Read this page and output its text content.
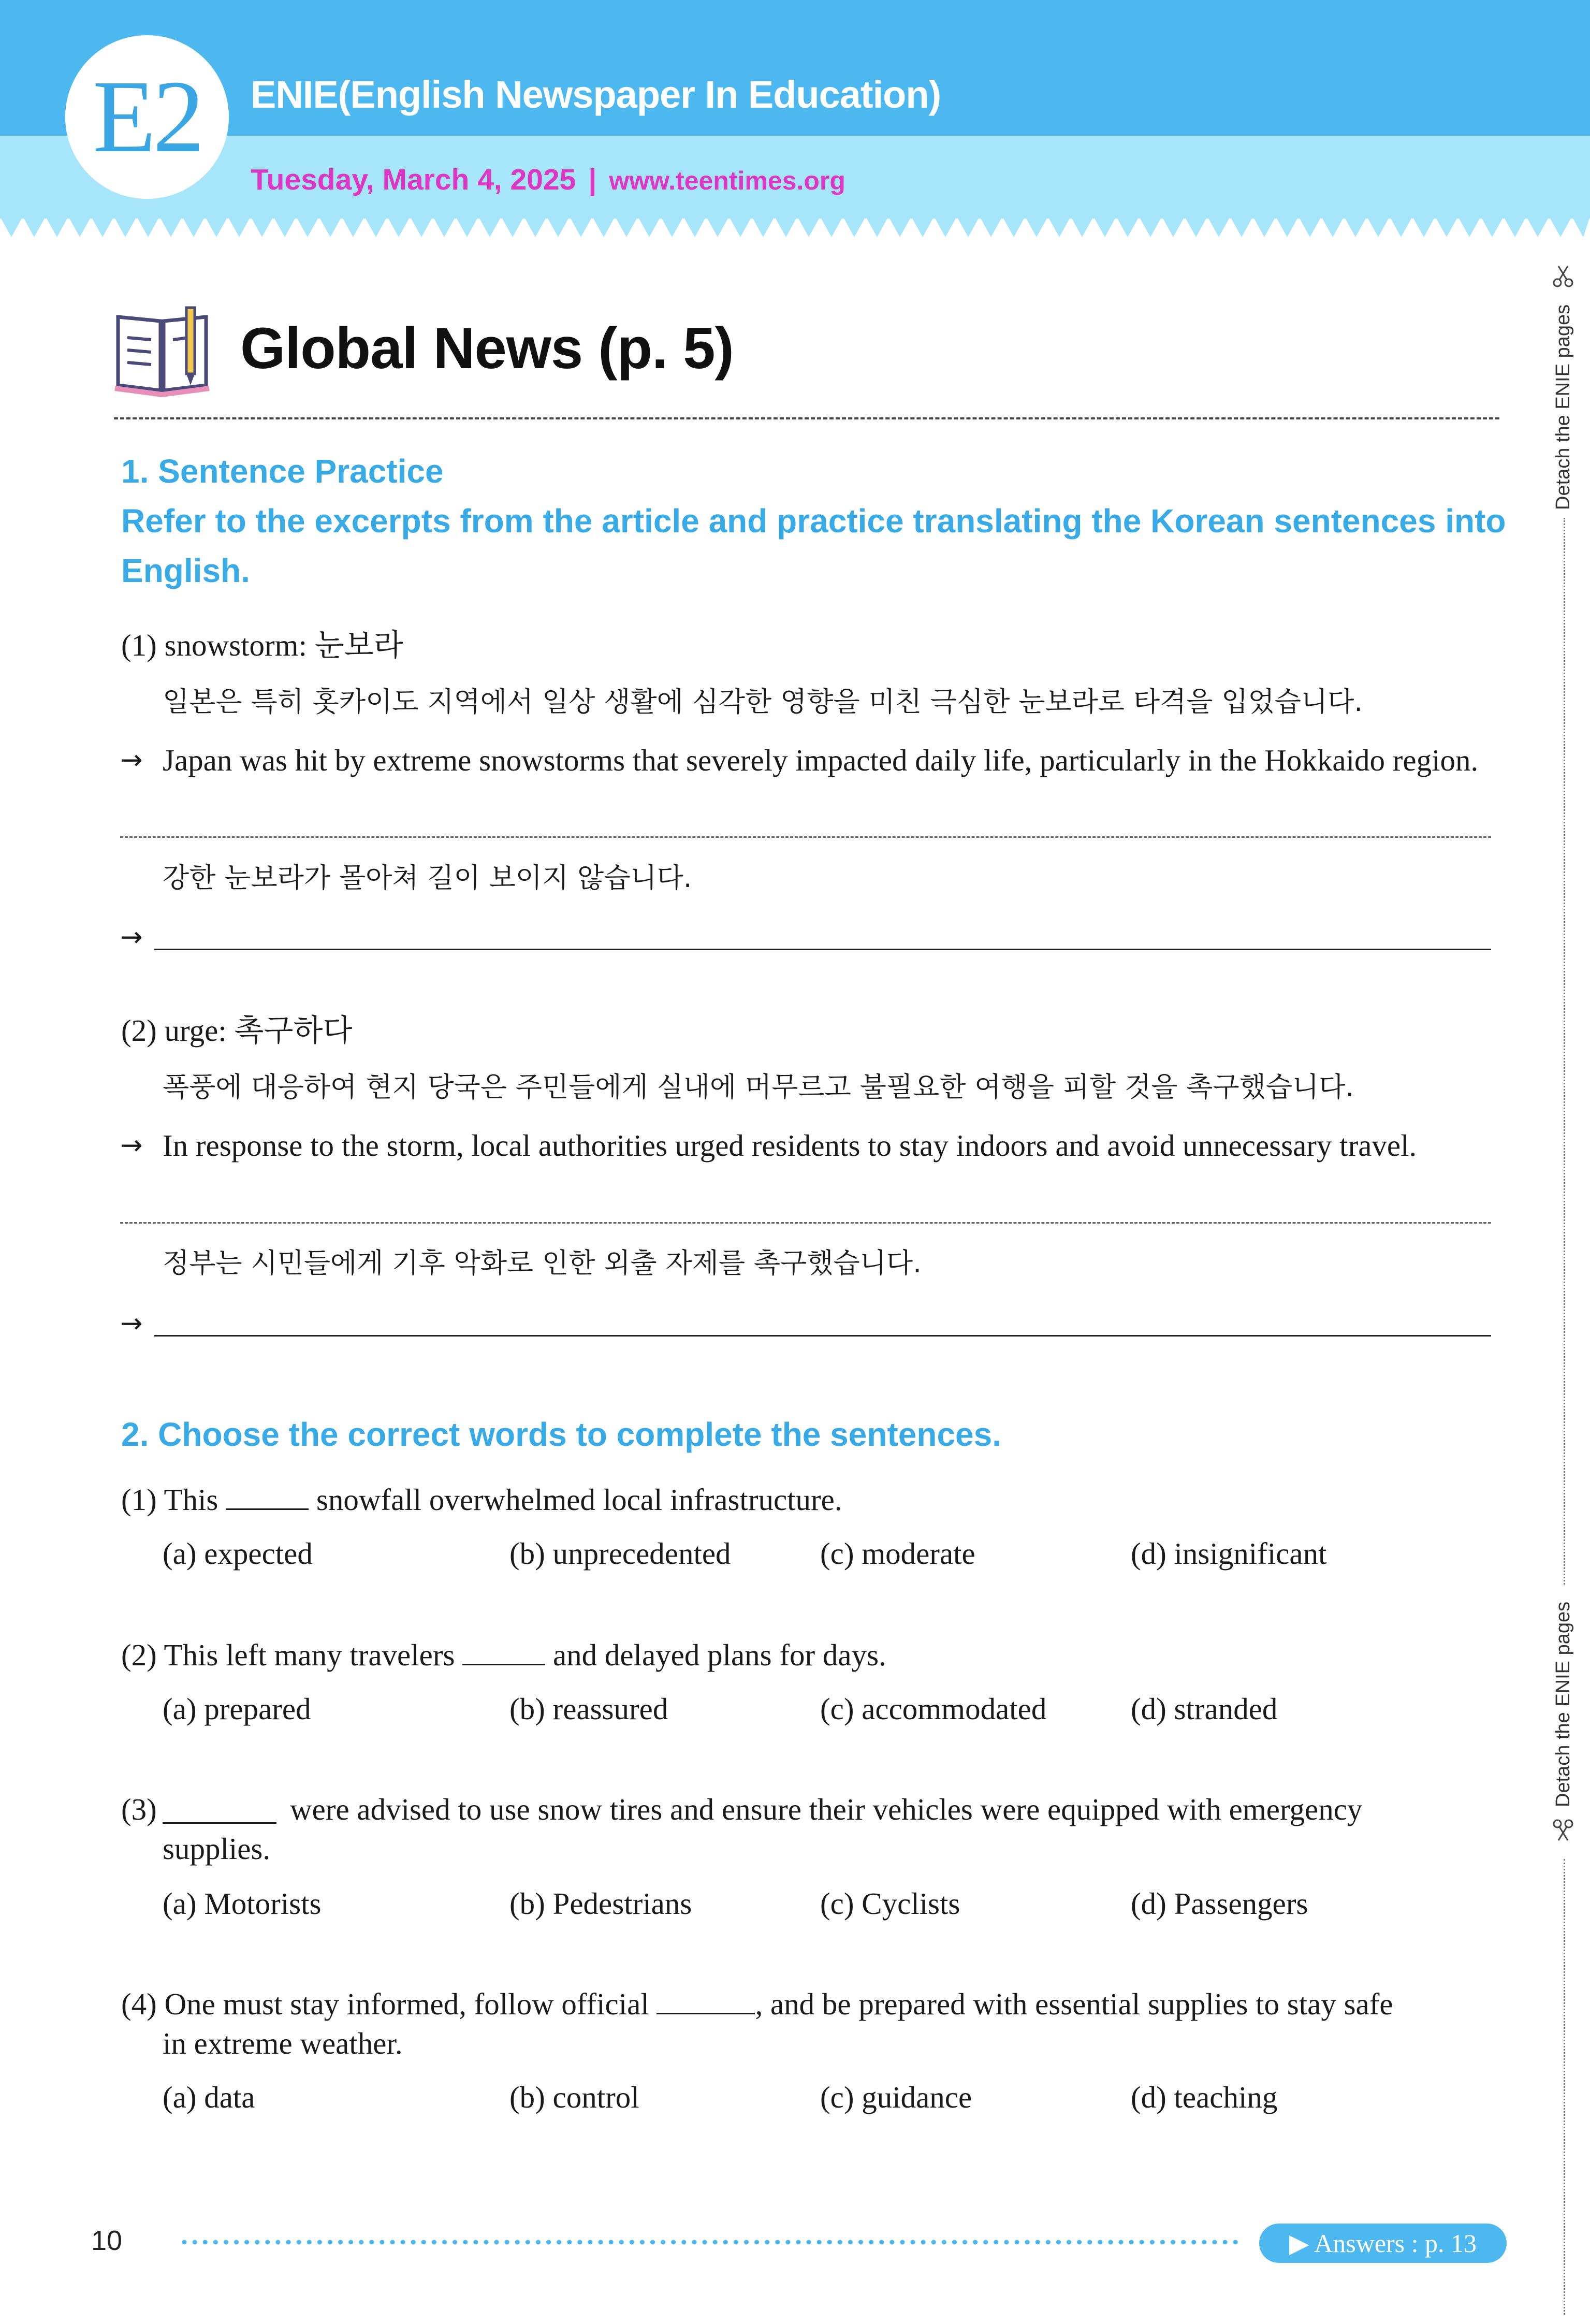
E2	ENIE(English Newspaper In Education)
Tuesday, March 4, 2025 | www.teentimes.org
Global News (p. 5)
1. Sentence Practice
Refer to the excerpts from the article and practice translating the Korean sentences into English.
(1) snowstorm: 눈보라
일본은 특히 홋카이도 지역에서 일상 생활에 심각한 영향을 미친 극심한 눈보라로 타격을 입었습니다.
→ Japan was hit by extreme snowstorms that severely impacted daily life, particularly in the Hokkaido region.
강한 눈보라가 몰아쳐 길이 보이지 않습니다.
→
(2) urge: 촉구하다
폭풍에 대응하여 현지 당국은 주민들에게 실내에 머무르고 불필요한 여행을 피할 것을 촉구했습니다.
→ In response to the storm, local authorities urged residents to stay indoors and avoid unnecessary travel.
정부는 시민들에게 기후 악화로 인한 외출 자제를 촉구했습니다.
→
2. Choose the correct words to complete the sentences.
(1) This	snowfall overwhelmed local infrastructure.
(a) expected	(b) unprecedented	(c) moderate	(d) insignificant
(2) This left many travelers	and delayed plans for days.
(a) prepared	(b) reassured	(c) accommodated	(d) stranded
(3)	were advised to use snow tires and ensure their vehicles were equipped with emergency
supplies.
(a) Motorists	(b) Pedestrians	(c) Cyclists	(d) Passengers
(4) One must stay informed, follow official	, and be prepared with essential supplies to stay safe
in extreme weather.
(a) data	(b) control	(c) guidance	(d) teaching
10	▶ Answers : p. 13
Detach the ENIE pages
Detach the ENIE pages
